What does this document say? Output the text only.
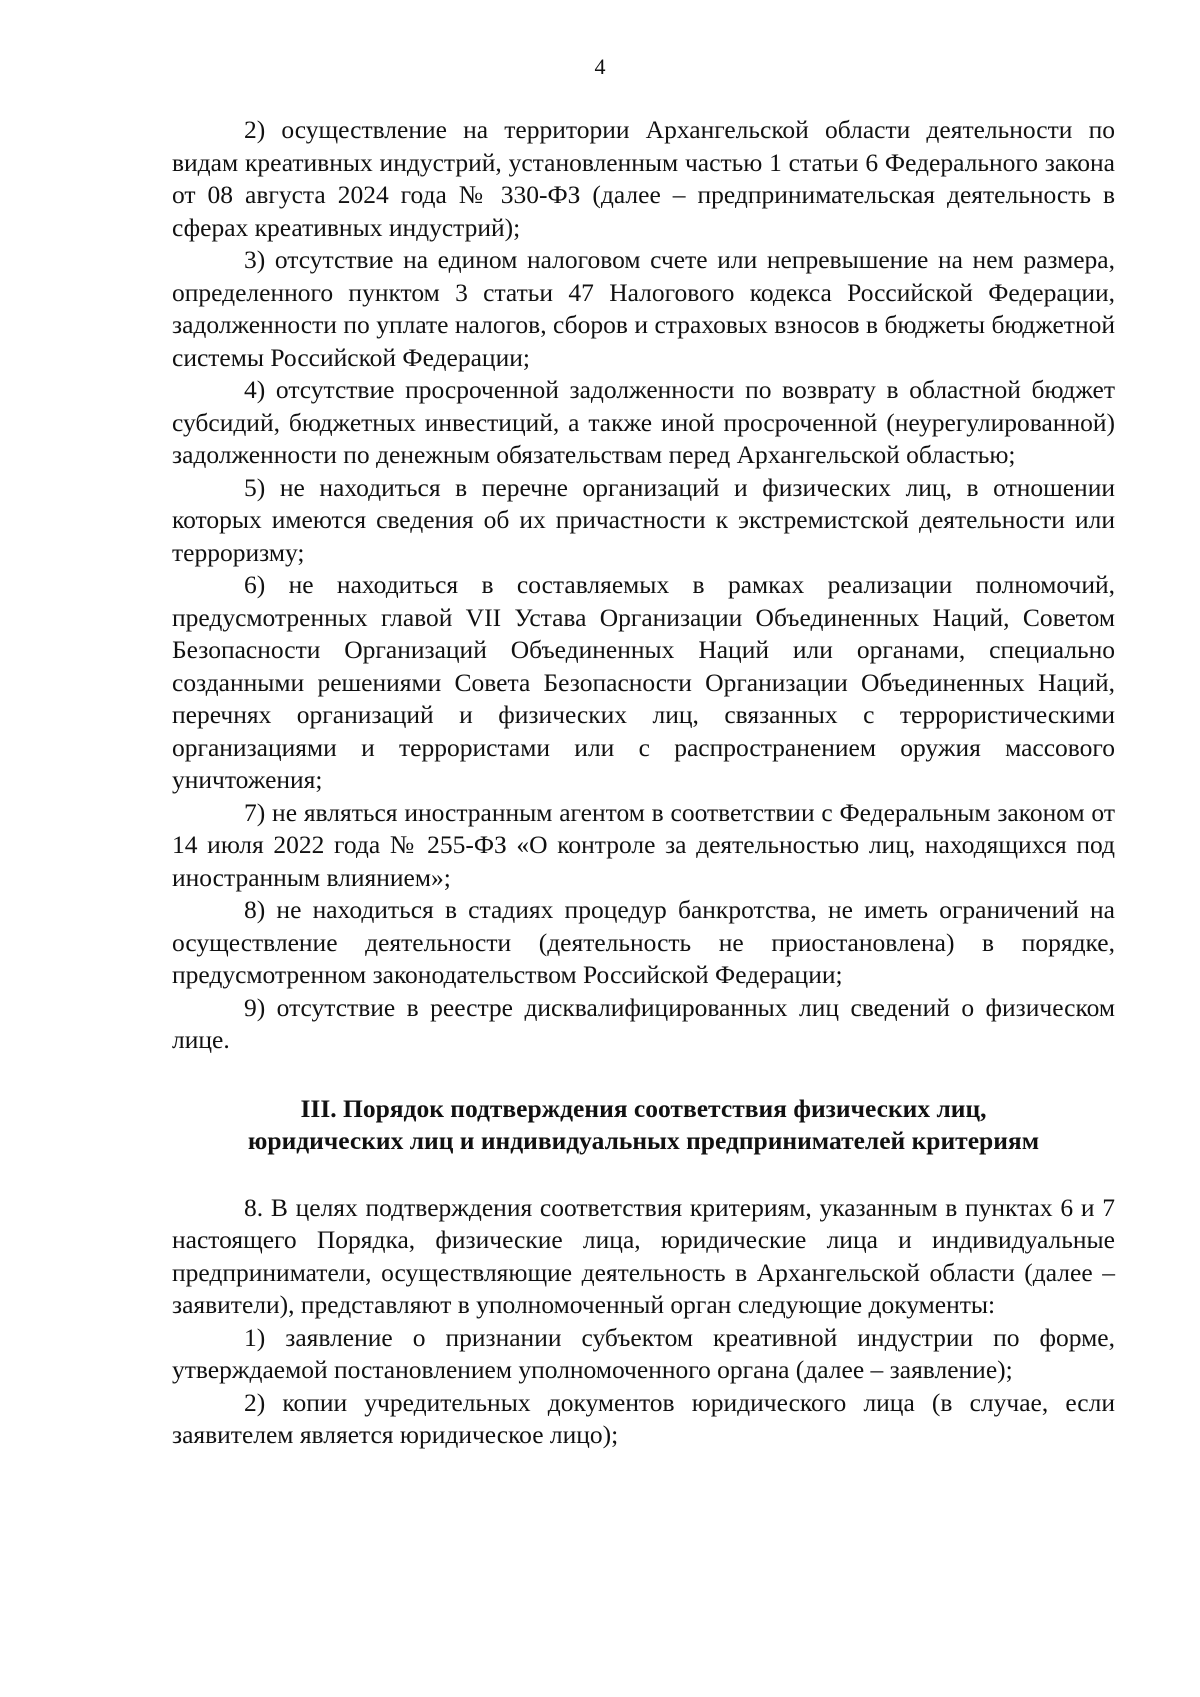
4

2) осуществление на территории Архангельской области деятельности по видам креативных индустрий, установленным частью 1 статьи 6 Федерального закона от 08 августа 2024 года № 330-ФЗ (далее – предпринимательская деятельность в сферах креативных индустрий);

3) отсутствие на едином налоговом счете или непревышение на нем размера, определенного пунктом 3 статьи 47 Налогового кодекса Российской Федерации, задолженности по уплате налогов, сборов и страховых взносов в бюджеты бюджетной системы Российской Федерации;

4) отсутствие просроченной задолженности по возврату в областной бюджет субсидий, бюджетных инвестиций, а также иной просроченной (неурегулированной) задолженности по денежным обязательствам перед Архангельской областью;

5) не находиться в перечне организаций и физических лиц, в отношении которых имеются сведения об их причастности к экстремистской деятельности или терроризму;

6) не находиться в составляемых в рамках реализации полномочий, предусмотренных главой VII Устава Организации Объединенных Наций, Советом Безопасности Организаций Объединенных Наций или органами, специально созданными решениями Совета Безопасности Организации Объединенных Наций, перечнях организаций и физических лиц, связанных с террористическими организациями и террористами или с распространением оружия массового уничтожения;

7) не являться иностранным агентом в соответствии с Федеральным законом от 14 июля 2022 года № 255-ФЗ «О контроле за деятельностью лиц, находящихся под иностранным влиянием»;

8) не находиться в стадиях процедур банкротства, не иметь ограничений на осуществление деятельности (деятельность не приостановлена) в порядке, предусмотренном законодательством Российской Федерации;

9) отсутствие в реестре дисквалифицированных лиц сведений о физическом лице.

III. Порядок подтверждения соответствия физических лиц,
юридических лиц и индивидуальных предпринимателей критериям

8. В целях подтверждения соответствия критериям, указанным в пунктах 6 и 7 настоящего Порядка, физические лица, юридические лица и индивидуальные предприниматели, осуществляющие деятельность в Архангельской области (далее – заявители), представляют в уполномоченный орган следующие документы:

1) заявление о признании субъектом креативной индустрии по форме, утверждаемой постановлением уполномоченного органа (далее – заявление);

2) копии учредительных документов юридического лица (в случае, если заявителем является юридическое лицо);
